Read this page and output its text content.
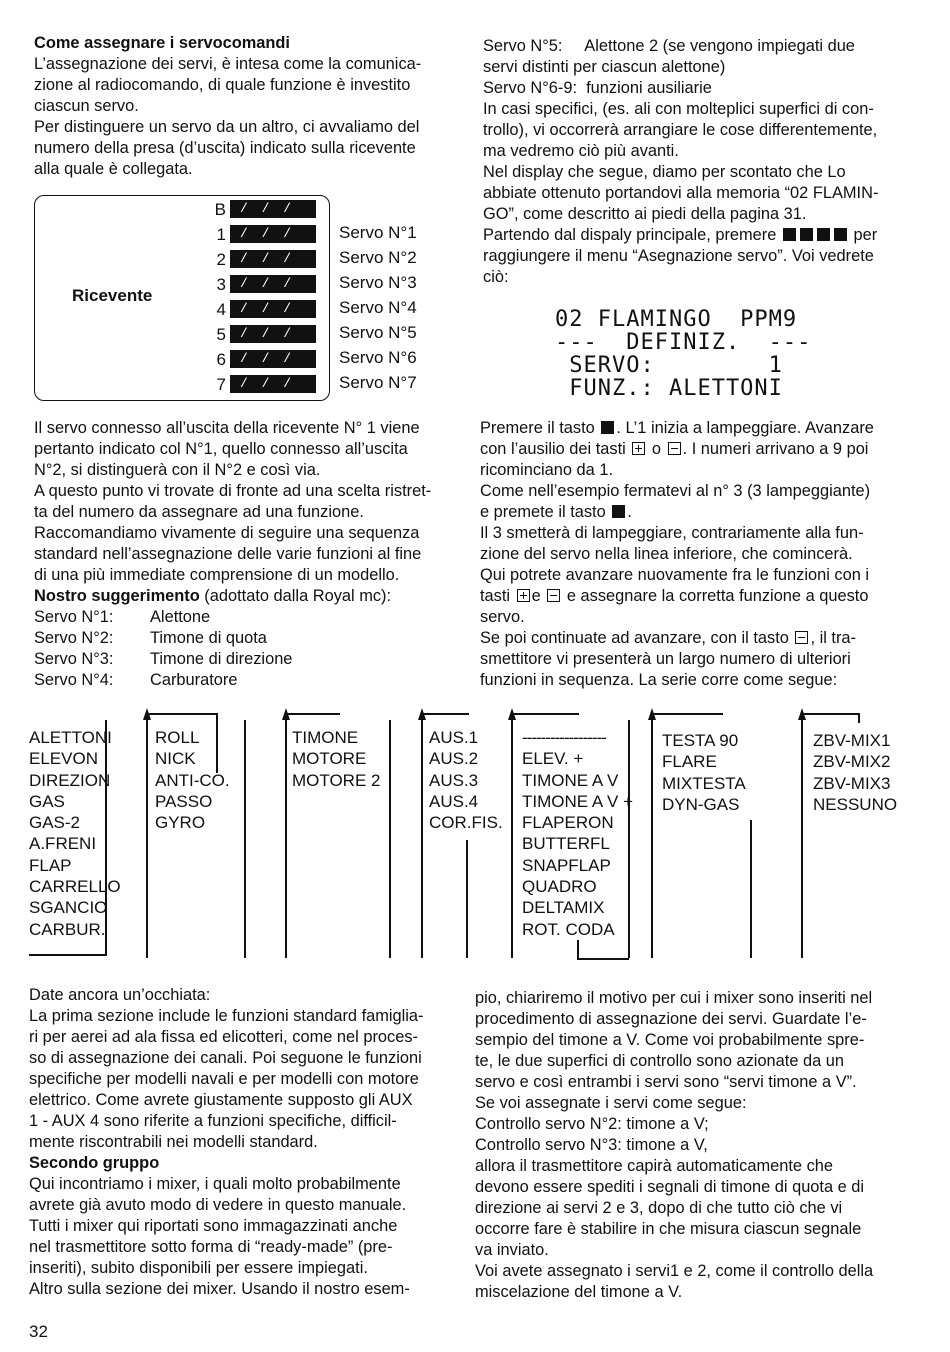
Come assegnare i servocomandi

L’assegnazione dei servi, è intesa come la comunica-

zione al radiocomando, di quale funzione è investito

ciascun servo.

Per distinguere un servo da un altro, ci avvaliamo del

numero della presa (d’uscita) indicato sulla ricevente

alla quale è collegata.

Ricevente
B	/ / /
1	/ / /
2	/ / /
3	/ / /
4	/ / /
5	/ / /
6	/ / /
7	/ / /
Servo N°1
Servo N°2
Servo N°3
Servo N°4
Servo N°5
Servo N°6
Servo N°7

Il servo connesso all’uscita della ricevente N° 1 viene

pertanto indicato col N°1, quello connesso all’uscita

N°2, si distinguerà con il N°2 e così via.

A questo punto vi trovate di fronte ad una scelta ristret-

ta del numero da assegnare ad una funzione.

Raccomandiamo vivamente di seguire una sequenza

standard nell’assegnazione delle varie funzioni al fine

di una più immediate comprensione di un modello.

Nostro suggerimento (adottato dalla Royal mc):

Servo N°1: Alettone

Servo N°2: Timone di quota

Servo N°3: Timone di direzione

Servo N°4: Carburatore

Servo N°5:     Alettone 2 (se vengono impiegati due

servi distinti per ciascun alettone)

Servo N°6-9:  funzioni ausiliarie

In casi specifici, (es. ali con molteplici superfici di con-

trollo), vi occorrerà arrangiare le cose differentemente,

ma vedremo ciò più avanti.

Nel display che segue, diamo per scontato che Lo

abbiate ottenuto portandovi alla memoria “02 FLAMIN-

GO”, come descritto ai piedi della pagina 31.

Partendo dal dispaly principale, premere	per

raggiungere il menu “Asegnazione servo”. Voi vedrete

ciò:

02 FLAMINGO  PPM9
---  DEFINIZ.  ---
SERVO:        1
FUNZ.: ALETTONI

Premere il tasto . L’1 inizia a lampeggiare. Avanzare

con l’ausilio dei tasti o . I numeri arrivano a 9 poi

ricominciano da 1.

Come nell’esempio fermatevi al n° 3 (3 lampeggiante)

e premete il tasto .

Il 3 smetterà di lampeggiare, contrariamente alla fun-

zione del servo nella linea inferiore, che comincerà.

Qui potrete avanzare nuovamente fra le funzioni con i

tasti e e assegnare la corretta funzione a questo

servo.

Se poi continuate ad avanzare, con il tasto , il tra-

smettitore vi presenterà un largo numero di ulteriori

funzioni in sequenza. La serie corre come segue:

ALETTONI
ELEVON
DIREZION
GAS
GAS-2
A.FRENI
FLAP
CARRELLO
SGANCIO
CARBUR.
ROLL
NICK
ANTI-CO.
PASSO
GYRO
TIMONE
MOTORE
MOTORE 2
AUS.1
AUS.2
AUS.3
AUS.4
COR.FIS.
------------------
ELEV. +
TIMONE A V
TIMONE A V +
FLAPERON
BUTTERFL
SNAPFLAP
QUADRO
DELTAMIX
ROT. CODA
TESTA 90
FLARE
MIXTESTA
DYN-GAS
ZBV-MIX1
ZBV-MIX2
ZBV-MIX3
NESSUNO

Date ancora un’occhiata:

La prima sezione include le funzioni standard famiglia-

ri per aerei ad ala fissa ed elicotteri, come nel proces-

so di assegnazione dei canali. Poi seguone le funzioni

specifiche per modelli navali e per modelli con motore

elettrico. Come avrete giustamente supposto gli AUX

1 - AUX 4 sono riferite a funzioni specifiche, difficil-

mente riscontrabili nei modelli standard.

Secondo gruppo

Qui incontriamo i mixer, i quali molto probabilmente

avrete già avuto modo di vedere in questo manuale.

Tutti i mixer qui riportati sono immagazzinati anche

nel trasmettitore sotto forma di “ready-made” (pre-

inseriti), subito disponibili per essere impiegati.

Altro sulla sezione dei mixer. Usando il nostro esem-

pio, chiariremo il motivo per cui i mixer sono inseriti nel

procedimento di assegnazione dei servi. Guardate l’e-

sempio del timone a V. Come voi probabilmente spre-

te, le due superfici di controllo sono azionate da un

servo e così entrambi i servi sono “servi timone a V”.

Se voi assegnate i servi come segue:

Controllo servo N°2: timone a V;

Controllo servo N°3: timone a V,

allora il trasmettitore capirà automaticamente che

devono essere spediti i segnali di timone di quota e di

direzione ai servi 2 e 3, dopo di che tutto ciò che vi

occorre fare è stabilire in che misura ciascun segnale

va inviato.

Voi avete assegnato i servi1 e 2, come il controllo della

miscelazione del timone a V.

32
